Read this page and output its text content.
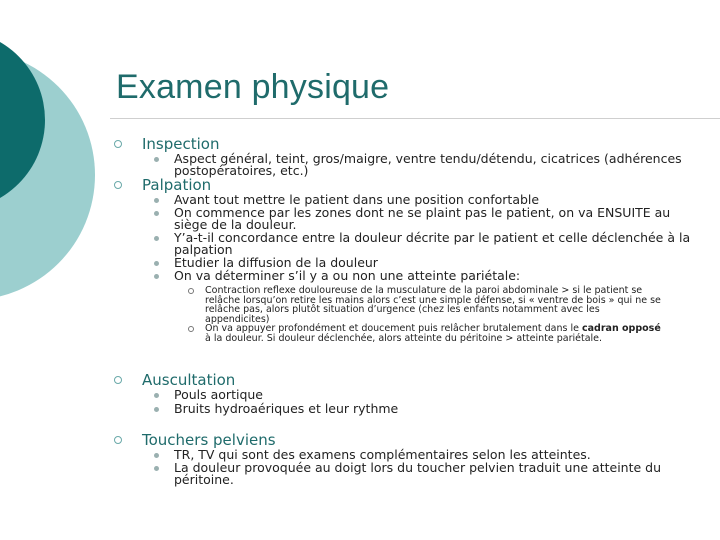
Examen physique
Inspection
Aspect général, teint, gros/maigre, ventre tendu/détendu, cicatrices (adhérences postopératoires, etc.)
Palpation
Avant tout mettre le patient dans une position confortable
On commence par les zones dont ne se plaint pas le patient, on va ENSUITE au siège de la douleur.
Y’a-t-il concordance entre la douleur décrite par le patient et celle déclenchée à la palpation
Etudier la diffusion de la douleur
On va déterminer s’il y a ou non une atteinte pariétale:
Contraction reflexe douloureuse de la musculature de la paroi abdominale > si le patient se relâche lorsqu’on retire les mains alors c’est une simple défense, si « ventre de bois » qui ne se relâche pas, alors plutôt situation d’urgence (chez les enfants notamment avec les appendicites)
On va appuyer profondément et doucement puis relâcher brutalement dans le cadran opposé à la douleur. Si douleur déclenchée, alors atteinte du péritoine > atteinte pariétale.
Auscultation
Pouls aortique
Bruits hydroaériques et leur rythme
Touchers pelviens
TR, TV qui sont des examens complémentaires selon les atteintes.
La douleur provoquée au doigt lors du toucher pelvien traduit une atteinte du péritoine.
